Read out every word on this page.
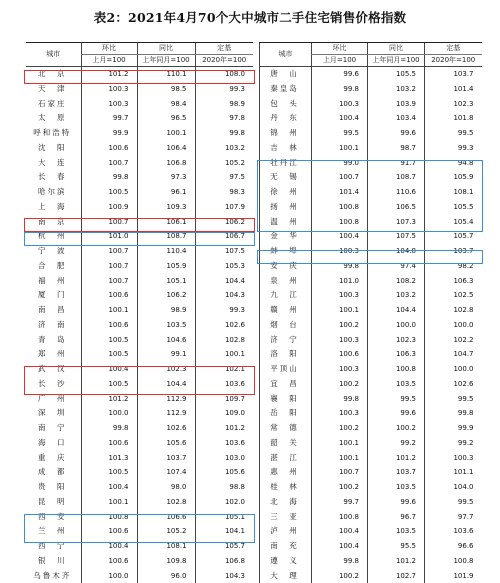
表2：2021年4月70个大中城市二手住宅销售价格指数
城市	环比	同比	定基
	上月=100	上年同月=100	2020年=100
北　京	101.2	110.1	108.0
天　津	100.3	98.5	99.3
石家庄	100.3	98.4	98.9
太　原	99.7	96.5	97.8
呼和浩特	99.9	100.1	99.8
沈　阳	100.6	106.4	103.2
大　连	100.7	106.8	105.2
长　春	99.8	97.3	97.5
哈尔滨	100.5	96.1	98.3
上　海	100.9	109.3	107.9
南　京	100.7	106.1	106.2
杭　州	101.0	108.7	106.7
宁　波	100.7	110.4	107.5
合　肥	100.7	105.9	105.3
福　州	100.7	105.1	104.4
厦　门	100.6	106.2	104.3
南　昌	100.1	98.9	99.3
济　南	100.6	103.5	102.6
青　岛	100.5	104.6	102.8
郑　州	100.5	99.1	100.1
武　汉	100.4	102.3	102.1
长　沙	100.5	104.4	103.6
广　州	101.2	112.9	109.7
深　圳	100.0	112.9	109.0
南　宁	99.8	102.6	101.2
海　口	100.6	105.6	103.6
重　庆	101.3	103.7	103.0
成　都	100.5	107.4	105.6
贵　阳	100.4	98.0	98.8
昆　明	100.1	102.8	102.0
西　安	100.8	106.6	105.1
兰　州	100.6	105.2	104.1
西　宁	100.4	108.1	105.7
银　川	100.6	109.8	106.8
乌鲁木齐	100.0	96.0	104.3
城市	环比	同比	定基
	上月=100	上年同月=100	2020年=100
唐　山	99.6	105.5	103.7
秦皇岛	99.8	103.2	101.4
包　头	100.3	103.9	102.3
丹　东	100.4	103.4	101.8
锦　州	99.5	99.6	99.5
吉　林	100.1	98.7	99.3
牡丹江	99.0	91.7	94.8
无　锡	100.7	108.7	105.9
徐　州	101.4	110.6	108.1
扬　州	100.8	106.5	105.5
温　州	100.8	107.3	105.4
金　华	100.4	107.5	105.7
蚌　埠	100.3	104.8	103.7
安　庆	99.8	97.4	98.2
泉　州	101.0	108.2	106.3
九　江	100.3	103.2	102.5
赣　州	100.1	104.4	102.8
烟　台	100.2	100.0	100.0
济　宁	100.3	102.3	102.2
洛　阳	100.6	106.3	104.7
平顶山	100.3	100.8	100.0
宜　昌	100.2	103.5	102.6
襄　阳	99.8	99.5	99.5
岳　阳	100.3	99.6	99.8
常　德	100.2	100.2	99.9
韶　关	100.1	99.2	99.2
湛　江	100.1	101.2	100.3
惠　州	100.7	103.7	101.1
桂　林	100.2	103.5	104.0
北　海	99.7	99.6	99.5
三　亚	100.8	96.7	97.7
泸　州	100.4	103.5	103.6
南　充	100.4	95.5	96.6
遵　义	99.8	101.2	100.8
大　理	100.2	102.7	101.9
